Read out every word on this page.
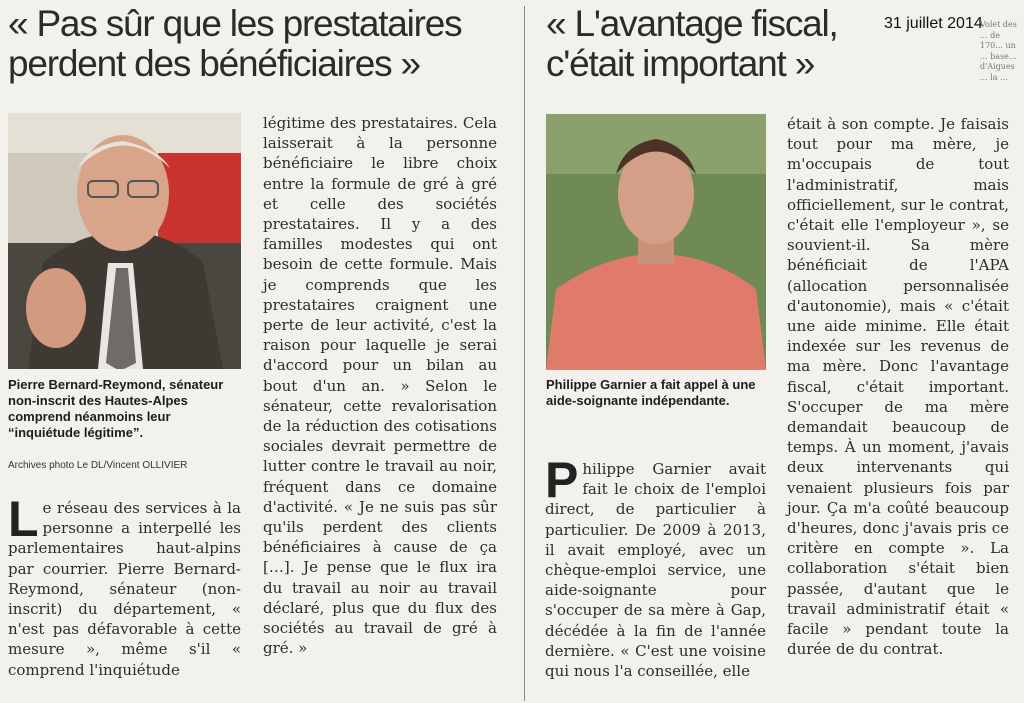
« Pas sûr que les prestataires perdent des bénéficiaires »
« L'avantage fiscal, c'était important »
31 juillet 2014
Volet des ... de 170... un ... base... d'Aigues ... la ...
Pierre Bernard-Reymond, sénateur non-inscrit des Hautes-Alpes comprend néanmoins leur “inquiétude légitime”.
Archives photo Le DL/Vincent OLLIVIER

Le réseau des services à la personne a interpellé les parlementaires haut-alpins par courrier. Pierre Bernard-Reymond, sénateur (non-inscrit) du département, « n'est pas défavorable à cette mesure », même s'il « comprend l'inquiétude

légitime des prestataires. Cela laisserait à la personne bénéficiaire le libre choix entre la formule de gré à gré et celle des sociétés prestataires. Il y a des familles modestes qui ont besoin de cette formule. Mais je comprends que les prestataires craignent une perte de leur activité, c'est la raison pour laquelle je serai d'accord pour un bilan au bout d'un an. » Selon le sénateur, cette revalorisation de la réduction des cotisations sociales devrait permettre de lutter contre le travail au noir, fréquent dans ce domaine d'activité. « Je ne suis pas sûr qu'ils perdent des clients bénéficiaires à cause de ça […]. Je pense que le flux ira du travail au noir au travail déclaré, plus que du flux des sociétés au travail de gré à gré. »

Philippe Garnier a fait appel à une aide-soignante indépendante.

Philippe Garnier avait fait le choix de l'emploi direct, de particulier à particulier. De 2009 à 2013, il avait employé, avec un chèque-emploi service, une aide-soignante pour s'occuper de sa mère à Gap, décédée à la fin de l'année dernière. « C'est une voisine qui nous l'a conseillée, elle

était à son compte. Je faisais tout pour ma mère, je m'occupais de tout l'administratif, mais officiellement, sur le contrat, c'était elle l'employeur », se souvient-il. Sa mère bénéficiait de l'APA (allocation personnalisée d'autonomie), mais « c'était une aide minime. Elle était indexée sur les revenus de ma mère. Donc l'avantage fiscal, c'était important. S'occuper de ma mère demandait beaucoup de temps. À un moment, j'avais deux intervenants qui venaient plusieurs fois par jour. Ça m'a coûté beaucoup d'heures, donc j'avais pris ce critère en compte ». La collaboration s'était bien passée, d'autant que le travail administratif était « facile » pendant toute la durée de du contrat.
